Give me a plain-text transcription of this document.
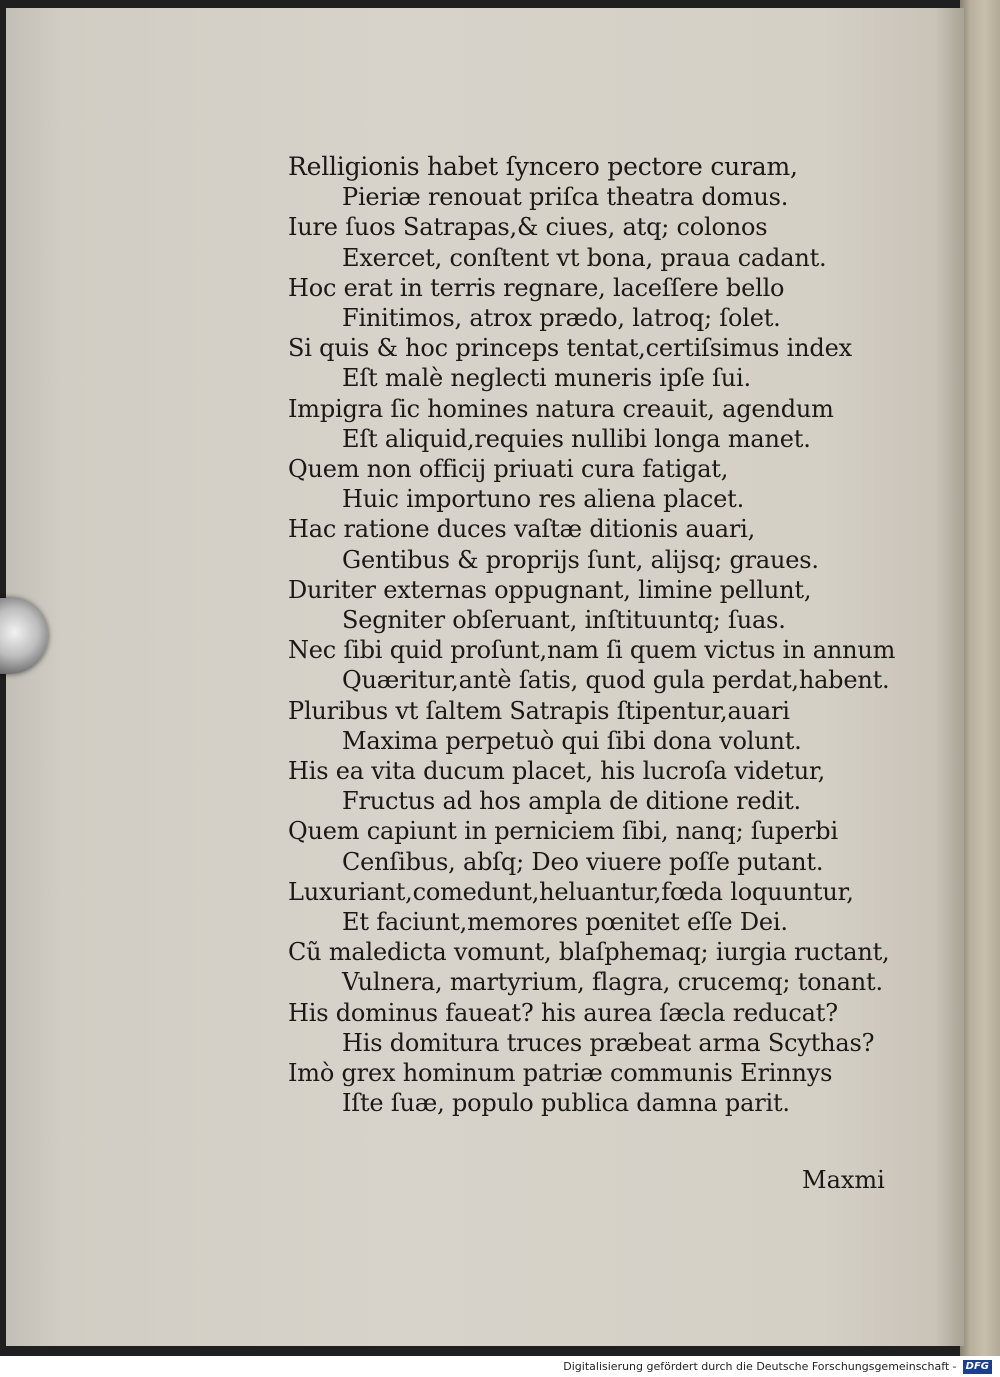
Relligionis habet ſyncero pectore curam,
Pieriæ renouat priſca theatra domus.
Iure ſuos Satrapas,& ciues, atq; colonos
Exercet, conſtent vt bona, praua cadant.
Hoc erat in terris regnare, laceſſere bello
Finitimos, atrox prædo, latroq; ſolet.
Si quis & hoc princeps tentat,certiſsimus index
Eſt malè neglecti muneris ipſe ſui.
Impigra ſic homines natura creauit, agendum
Eſt aliquid,requies nullibi longa manet.
Quem non officij priuati cura fatigat,
Huic importuno res aliena placet.
Hac ratione duces vaſtæ ditionis auari,
Gentibus & proprijs ſunt, alijsq; graues.
Duriter externas oppugnant, limine pellunt,
Segniter obſeruant, inſtituuntq; ſuas.
Nec ſibi quid proſunt,nam ſi quem victus in annum
Quæritur,antè ſatis, quod gula perdat,habent.
Pluribus vt ſaltem Satrapis ſtipentur,auari
Maxima perpetuò qui ſibi dona volunt.
His ea vita ducum placet, his lucroſa videtur,
Fructus ad hos ampla de ditione redit.
Quem capiunt in perniciem ſibi, nanq; ſuperbi
Cenſibus, abſq; Deo viuere poſſe putant.
Luxuriant,comedunt,heluantur,fœda loquuntur,
Et faciunt,memores pœnitet eſſe Dei.
Cũ maledicta vomunt, blaſphemaq; iurgia ructant,
Vulnera, martyrium, flagra, crucemq; tonant.
His dominus faueat? his aurea ſæcla reducat?
His domitura truces præbeat arma Scythas?
Imò grex hominum patriæ communis Erinnys
Iſte ſuæ, populo publica damna parit.
Maxmi
Digitalisierung gefördert durch die Deutsche Forschungsgemeinschaft - DFG
